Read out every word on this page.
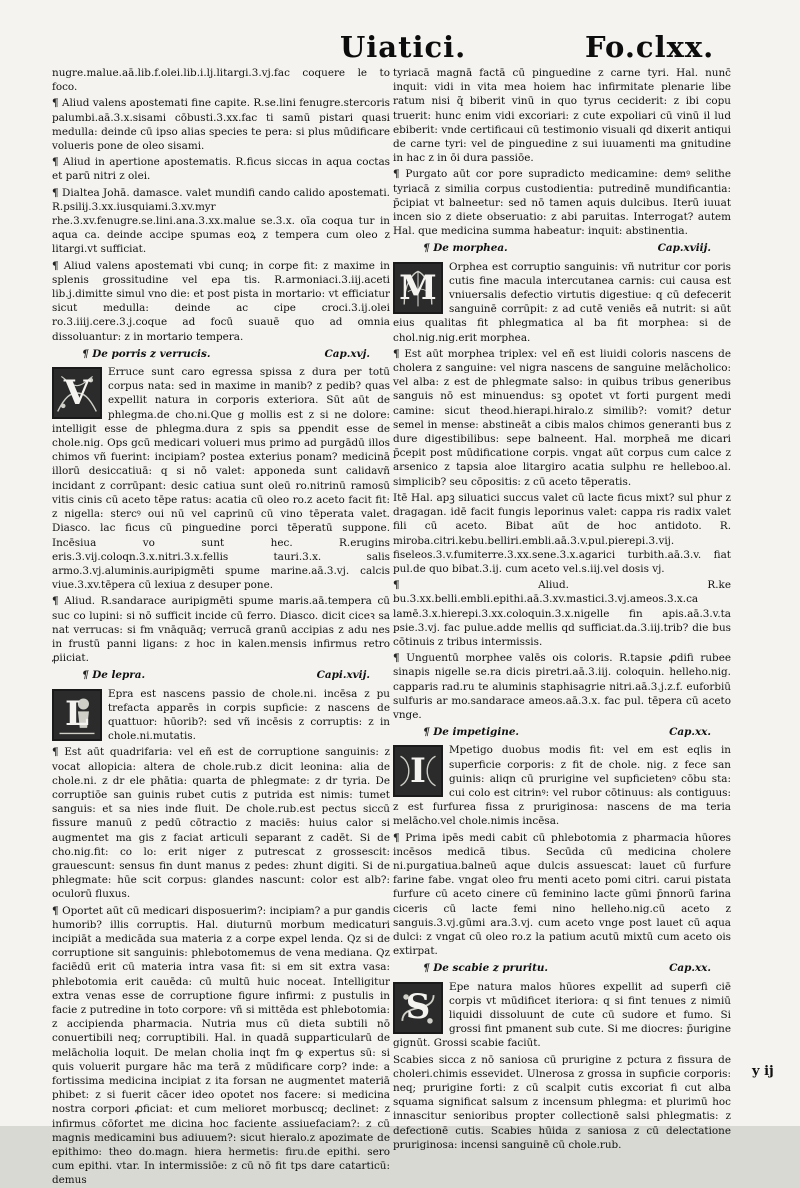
Uiatici.	Fo.clxx.

nugre.malue.aā.lib.f.olei.lib.i.lj.litargi.3.vj.fac coquere le to foco.

¶ Aliud valens apostemati fine capite. R.se.lini fenugre.stercoris palumbi.aā.3.x.sisami cōbusti.3.xx.fac ti samū pistari quasi medulla: deinde cū ipso alias species te pera: si plus mūdificare volueris pone de oleo sisami.

¶ Aliud in apertione apostematis. R.ficus siccas in aqua coctas et parū nitri z olei.

¶ Dialtea Johā. damasce. valet mundifi cando calido apostemati. R.psilij.3.xx.iusquiami.3.xv.myr rhe.3.xv.fenugre.se.lini.ana.3.xx.malue se.3.x. oīa coqua tur in aqua ca. deinde accipe spumas eoꝝ z tempera cum oleo z litargi.vt sufficiat.

¶ Aliud valens apostemati vbi cunq; in corpe fit: z maxime in splenis grossitudine vel epa tis. R.armoniaci.3.iij.aceti lib.j.dimitte simul vno die: et post pista in mortario: vt efficiatur sicut medulla: deinde ac cipe croci.3.ij.olei ro.3.iiij.cere.3.j.coque ad focū suauē quo ad omnia dissoluantur: z in mortario tempera.

¶ De porris z verrucis.	Cap.xvj.
V

Erruce sunt caro egressa spissa z dura per totū corpus nata: sed in maxime in manib? z pedib? quas expellit natura in corporis exteriora. Sūt aūt de phlegma.de cho.ni.Que g mollis est z si ne dolore: intelligit esse de phlegma.dura z spis sa ꝑpendit esse de chole.nig. Ops gcū medicari volueri mus primo ad purgādū illos chimos vñ fuerint: incipiam? postea exterius ponam? medicinā illorū desiccatiuā: q si nō valet: apponeda sunt calidavñ incidant z corrūpant: desic catiua sunt oleū ro.nitrinū ramosū vitis cinis cū aceto tēpe ratus: acatia cū oleo ro.z aceto facit fit: z nigella: stercꝰ oui nū vel caprinū cū vino tēperata valet. Diasco. lac ficus cū pinguedine porci tēperatū suppone. Incēsiua vo sunt hec. R.erugins eris.3.vij.coloqn.3.x.nitri.3.x.fellis tauri.3.x. salis armo.3.vj.aluminis.auripigmēti spume marine.aā.3.vj. calcis viue.3.xv.tēpera cū lexiua z desuper pone.

¶ Aliud. R.sandarace auripigmēti spume maris.aā.tempera cū suc co lupini: si nō sufficit incide cū ferro. Diasco. dicit ciceꝛ sa nat verrucas: si fm vnāquāq; verrucā granū accipias z adu nes in frustū panni ligans: z hoc in kalen.mensis infirmus retro ꝓiiciat.

¶ De lepra.	Capi.xvij.
L

Epra est nascens passio de chole.ni. incēsa z pu trefacta apparēs in corpis supficie: z nascens de quattuor: hūorib?: sed vñ incēsis z corruptis: z in chole.ni.mutatis.

¶ Est aūt quadrifaria: vel eñ est de corruptione sanguinis: z vocat allopicia: altera de chole.rub.z dicit leonina: alia de chole.ni. z dr ele phātia: quarta de phlegmate: z dr tyria. De corruptiōe san guinis rubet cutis z putrida est nimis: tumet sanguis: et sa nies inde fluit. De chole.rub.est pectus siccū fissure manuū z pedū cōtractio z maciēs: huius calor si augmentet ma gis z faciat articuli separant z cadēt. Si de cho.nig.fit: co lo: erit niger z putrescat z grossescit: grauescunt: sensus fin dunt manus z pedes: zhunt digiti. Si de phlegmate: hūe scit corpus: glandes nascunt: color est alb?: oculorū fluxus.

¶ Oportet aūt cū medicari disposuerim?: incipiam? a pur gandis humorib? illis corruptis. Hal. diuturnū morbum medicaturi incipiāt a medicāda sua materia z a corpe expel lenda. Qz si de corruptione sit sanguinis: phlebotomemus de vena mediana. Qz faciēdū erit cū materia intra vasa fit: si em sit extra vasa: phlebotomia erit cauēda: cū multū huic noceat. Intelligitur extra venas esse de corruptione figure infirmi: z pustulis in facie z putredine in toto corpore: vñ si mittēda est phlebotomia: z accipienda pharmacia. Nutria mus cū dieta subtili nō conuertibili neq; corruptibili. Hal. in quadā suꝑparticularū de melācholia loquit. De melan cholia inqt fm ꝙ expertus sū: si quis voluerit purgare hāc ma terā z mūdificare corp? inde: a fortissima medicina incipiat z ita forsan ne augmentet materiā phibet: z si fuerit cācer ideo opotet nos facere: si medicina nostra corpori ꝓficiat: et cum melioret morbuscq; declinet: z infirmus cōfortet me dicina hoc faciente assiuefaciam?: z cū magnis medicamini bus adiuuem?: sicut hieralo.z apozimate de epithimo: theo do.magn. hiera hermetis: firu.de epithi. sero cum epithi. vtar. In intermissiōe: z cū nō fit tps dare catarticū: demus

tyriacā magnā factā cū pinguedine z carne tyri. Hal. nunc̄ inquit: vidi in vita mea hoiem hac infirmitate plenarie libe ratum nisi q̄ biberit vinū in quo tyrus ceciderit: z ibi copu truerit: hunc enim vidi excoriari: z cute expoliari cū vinū il lud ebiberit: vnde certificaui cū testimonio visuali qd dixerit antiqui de carne tyri: vel de pinguedine z sui iuuamenti ma gnitudine in hac z in ōi dura passiōe.

¶ Purgato aūt cor pore supradicto medicamine: demꝰ selithe tyriacā z similia corpus custodientia: putredinē mundificantia: p̄cipiat vt balneetur: sed nō tamen aquis dulcibus. Iterū iuuat incen sio z diete obseruatio: z abi paruitas. Interrogat? autem Hal. que medicina summa habeatur: inquit: abstinentia.

¶ De morphea.	Cap.xviij.
M

Orphea est corruptio sanguinis: vñ nutritur cor poris cutis fine macula intercutanea carnis: cui causa est vniuersalis defectio virtutis digestiue: q cū defecerit sanguinē corrūpit: z ad cutē veniēs eā nutrit: si aūt eius qualitas fit phlegmatica al ba fit morphea: si de chol.nig.nig.erit morphea.

¶ Est aūt morphea triplex: vel eñ est liuidi coloris nascens de cholera z sanguine: vel nigra nascens de sanguine melācholico: vel alba: z est de phlegmate salso: in quibus tribus generibus sanguis nō est minuendus: sꝫ opotet vt forti purgent medi camine: sicut theod.hierapi.hiralo.z similib?: vomit? detur semel in mense: abstineāt a cibis malos chimos generanti bus z dure digestibilibus: sepe balneent. Hal. morpheā me dicari p̄cepit post mūdificatione corpis. vngat aūt corpus cum calce z arsenico z tapsia aloe litargiro acatia sulphu re helleboo.al. simplicib? seu cōpositis: z cū aceto tēperatis.

Itē Hal. apꝫ siluatici succus valet cū lacte ficus mixt? sul phur z dragagan. idē facit fungis leporinus valet: cappa ris radix valet fili cū aceto. Bibat aūt de hoc antidoto. R. miroba.citri.kebu.belliri.embli.aā.3.v.pul.pierepi.3.vij. fiseleos.3.v.fumiterre.3.xx.sene.3.x.agarici turbith.aā.3.v. fiat pul.de quo bibat.3.ij. cum aceto vel.s.iij.vel dosis vj.

¶	Aliud. R.ke bu.3.xx.belli.embli.epithi.aā.3.xv.mastici.3.vj.ameos.3.x.ca lamē.3.x.hierepi.3.xx.coloquin.3.x.nigelle fin apis.aā.3.v.ta psie.3.vj. fac pulue.adde mellis qd sufficiat.da.3.iij.trib? die bus cōtinuis z tribus intermissis.

¶ Unguentū morphee valēs ois coloris. R.tapsie ꝓdifi rubee sinapis nigelle se.ra dicis piretri.aā.3.iij. coloquin. helleho.nig. capparis rad.ru te aluminis staphisagrie nitri.aā.3.j.z.f. euforbiū sulfuris ar mo.sandarace ameos.aā.3.x. fac pul. tēpera cū aceto vnge.

¶ De impetigine.	Cap.xx.
I

Mpetigo duobus modis fit: vel em est eqlis in superficie corporis: z fit de chole. nig. z fece san guinis: aliqn cū prurigine vel supficietenꝰ cōbu sta: cui colo est citrinꝰ: vel rubor cōtinuus: als contiguus: z est furfurea fissa z pruriginosa: nascens de ma teria melācho.vel chole.nimis incēsa.

¶ Prima ipēs medi cabit cū phlebotomia z pharmacia hūores incēsos medicā tibus. Secūda cū medicina cholere ni.purgatiua.balneū aque dulcis assuescat: lauet cū furfure farine fabe. vngat oleo fru menti aceto pomi citri. carui pistata furfure cū aceto cinere cū feminino lacte gūmi p̄nnorū farina ciceris cū lacte femi nino helleho.nig.cū aceto z sanguis.3.vj.gūmi ara.3.vj. cum aceto vnge post lauet cū aqua dulci: z vngat cū oleo ro.z la patium acutū mixtū cum aceto ois extirpat.

¶ De scabie z pruritu.	Cap.xx.
S

Epe natura malos hūores expellit ad superfi ciē corpis vt mūdificet iteriora: q si fint tenues z nimiū liquidi dissoluunt de cute cū sudore et fumo. Si grossi fint pmanent sub cute. Si me diocres: p̄urigine gignūt. Grossi scabie faciūt.

Scabies sicca z nō saniosa cū prurigine z pctura z fissura de choleri.chimis essevidet. Ulnerosa z grossa in supficie corporis: neq; prurigine forti: z cū scalpit cutis excoriat fi cut alba squama significat salsum z incensum phlegma: et plurimū hoc innascitur senioribus propter collectionē salsi phlegmatis: z defectionē cutis. Scabies hūida z saniosa z cū delectatione pruriginosa: incensi sanguinē cū chole.rub.

y ij
